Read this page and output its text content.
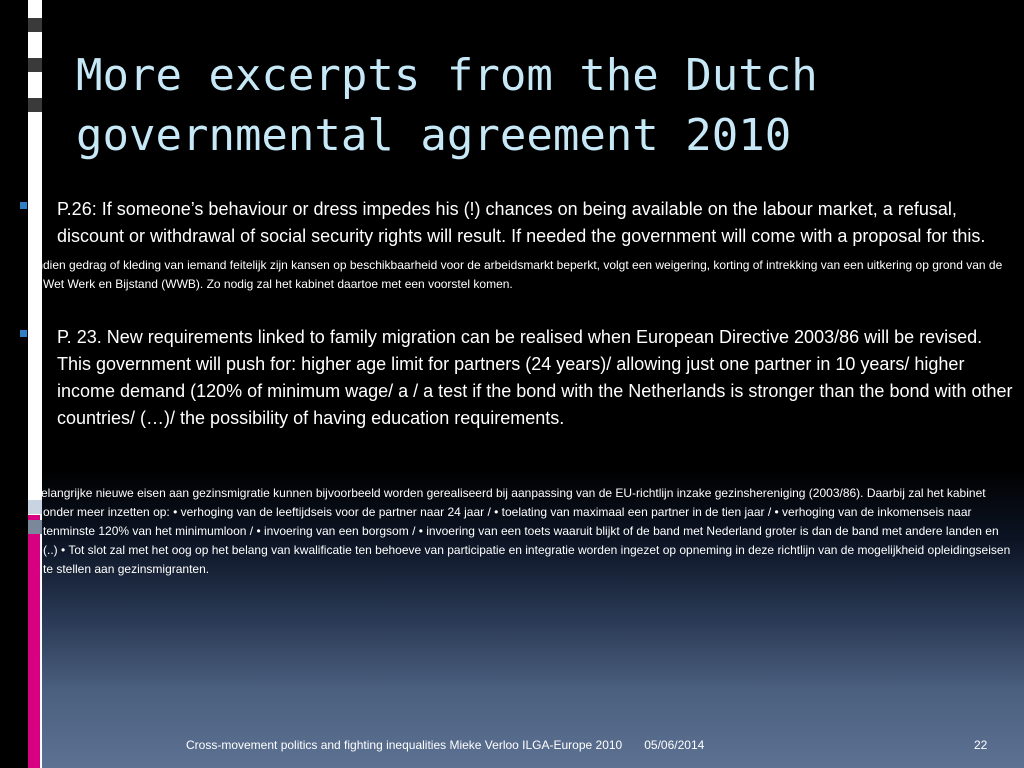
More excerpts from the Dutch governmental agreement 2010
P.26: If someone’s behaviour or dress impedes his (!) chances on being available on the labour market, a refusal, discount or withdrawal of social security rights will result. If needed the government will come with a proposal for this.
Indien gedrag of kleding van iemand feitelijk zijn kansen op beschikbaarheid voor de arbeidsmarkt beperkt, volgt een weigering, korting of intrekking van een uitkering op grond van de Wet Werk en Bijstand (WWB). Zo nodig zal het kabinet daartoe met een voorstel komen.
P. 23. New requirements linked to family migration can be realised when European Directive 2003/86 will be revised. This government will push for: higher age limit for partners (24 years)/ allowing just one partner in 10 years/ higher income demand (120% of minimum wage/ a / a test if the bond with the Netherlands is stronger than the bond with other countries/ (…)/ the possibility of having education requirements.
Belangrijke nieuwe eisen aan gezinsmigratie kunnen bijvoorbeeld worden gerealiseerd bij aanpassing van de EU-richtlijn inzake gezinshereniging (2003/86). Daarbij zal het kabinet onder meer inzetten op: • verhoging van de leeftijdseis voor de partner naar 24 jaar / • toelating van maximaal een partner in de tien jaar / • verhoging van de inkomenseis naar tenminste 120% van het minimumloon / • invoering van een borgsom / • invoering van een toets waaruit blijkt of de band met Nederland groter is dan de band met andere landen en (..) • Tot slot zal met het oog op het belang van kwalificatie ten behoeve van participatie en integratie worden ingezet op opneming in deze richtlijn van de mogelijkheid opleidingseisen te stellen aan gezinsmigranten.
Cross-movement politics and fighting inequalities Mieke Verloo ILGA-Europe 2010 05/06/2014	22
